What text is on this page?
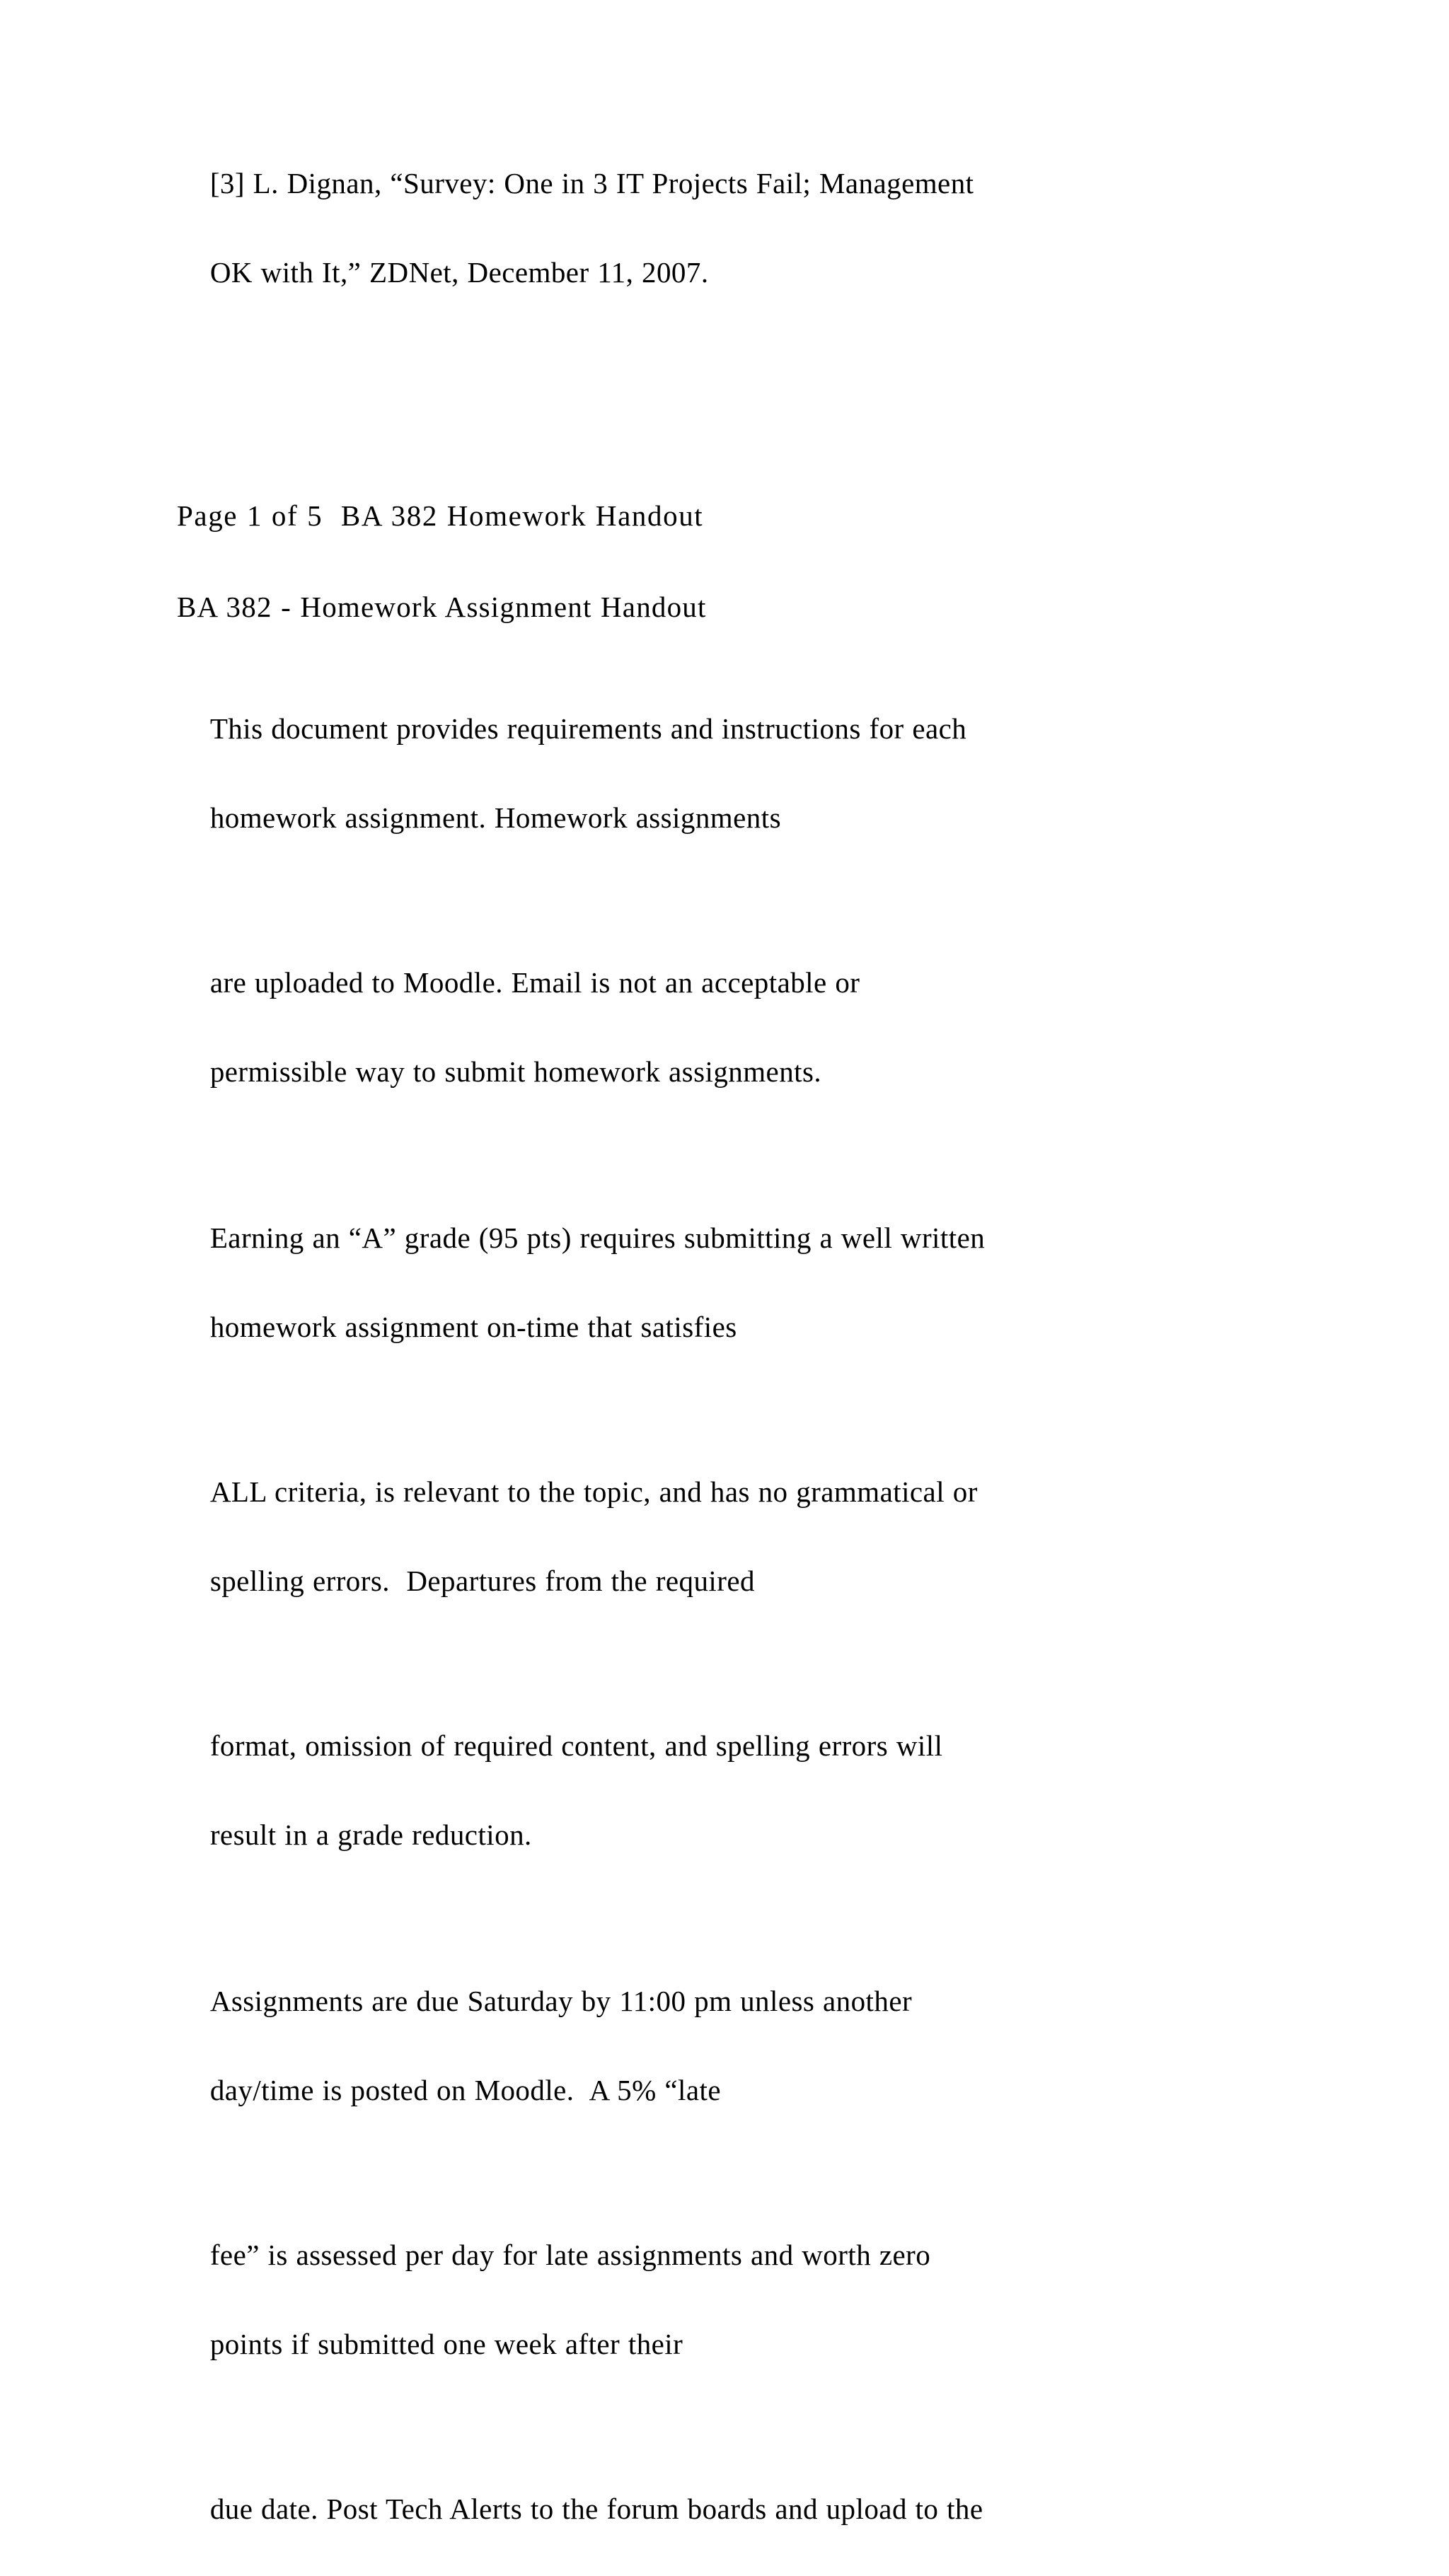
[3] L. Dignan, “Survey: One in 3 IT Projects Fail; Management

OK with It,” ZDNet, December 11, 2007.

Page 1 of 5  BA 382 Homework Handout
BA 382 - Homework Assignment Handout

This document provides requirements and instructions for each

homework assignment. Homework assignments

are uploaded to Moodle. Email is not an acceptable or

permissible way to submit homework assignments.

Earning an “A” grade (95 pts) requires submitting a well written

homework assignment on-time that satisfies

ALL criteria, is relevant to the topic, and has no grammatical or

spelling errors.  Departures from the required

format, omission of required content, and spelling errors will

result in a grade reduction.

Assignments are due Saturday by 11:00 pm unless another

day/time is posted on Moodle.  A 5% “late

fee” is assessed per day for late assignments and worth zero

points if submitted one week after their

due date. Post Tech Alerts to the forum boards and upload to the
